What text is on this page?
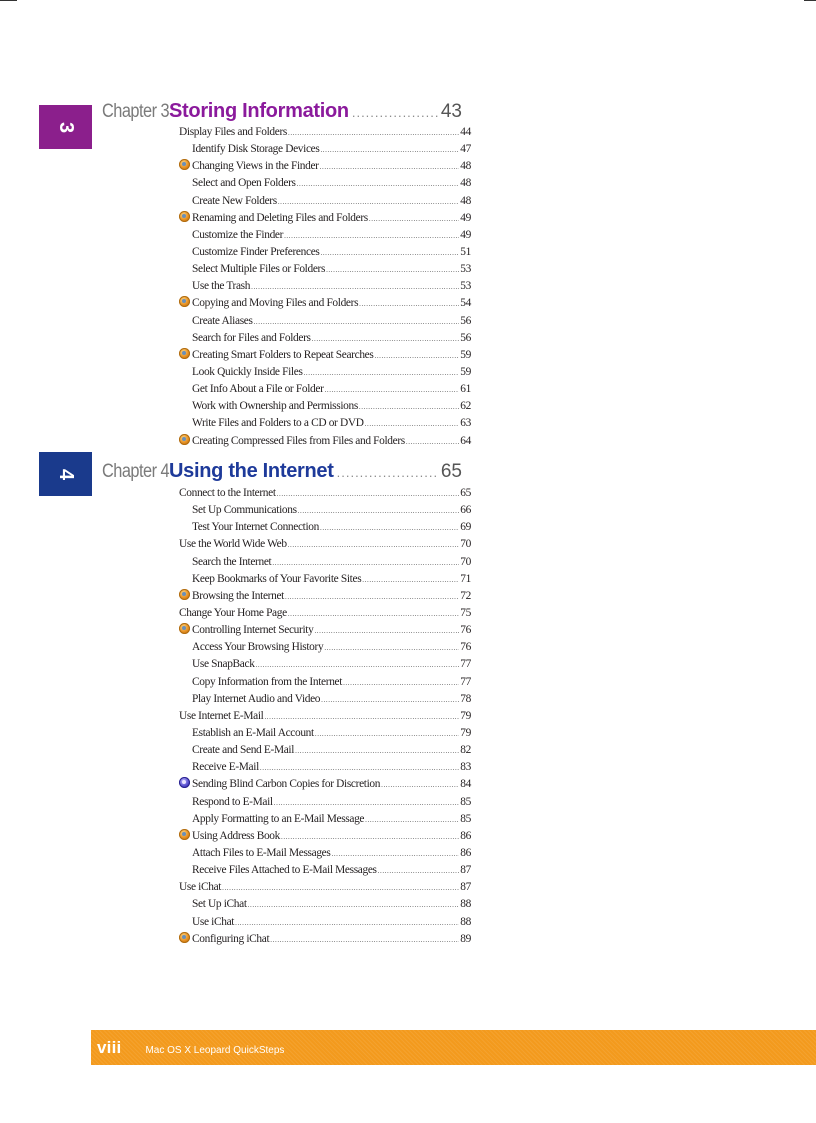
3
Chapter 3 Storing Information .....	43
Display Files and Folders .....	44
Identify Disk Storage Devices .....	47
Changing Views in the Finder .....	48
Select and Open Folders .....	48
Create New Folders .....	48
Renaming and Deleting Files and Folders .....	49
Customize the Finder .....	49
Customize Finder Preferences .....	51
Select Multiple Files or Folders .....	53
Use the Trash .....	53
Copying and Moving Files and Folders .....	54
Create Aliases .....	56
Search for Files and Folders .....	56
Creating Smart Folders to Repeat Searches .....	59
Look Quickly Inside Files .....	59
Get Info About a File or Folder .....	61
Work with Ownership and Permissions .....	62
Write Files and Folders to a CD or DVD .....	63
Creating Compressed Files from Files and Folders .....	64
4 Chapter 4 Using the Internet .....	65
Connect to the Internet .....	65
Set Up Communications .....	66
Test Your Internet Connection .....	69
Use the World Wide Web .....	70
Search the Internet .....	70
Keep Bookmarks of Your Favorite Sites .....	71
Browsing the Internet .....	72
Change Your Home Page .....	75
Controlling Internet Security .....	76
Access Your Browsing History .....	76
Use SnapBack .....	77
Copy Information from the Internet .....	77
Play Internet Audio and Video .....	78
Use Internet E-Mail .....	79
Establish an E-Mail Account .....	79
Create and Send E-Mail .....	82
Receive E-Mail .....	83
Sending Blind Carbon Copies for Discretion .....	84
Respond to E-Mail .....	85
Apply Formatting to an E-Mail Message .....	85
Using Address Book .....	86
Attach Files to E-Mail Messages .....	86
Receive Files Attached to E-Mail Messages .....	87
Use iChat .....	87
Set Up iChat .....	88
Use iChat .....	88
Configuring iChat .....	89
viii Mac OS X Leopard QuickSteps
